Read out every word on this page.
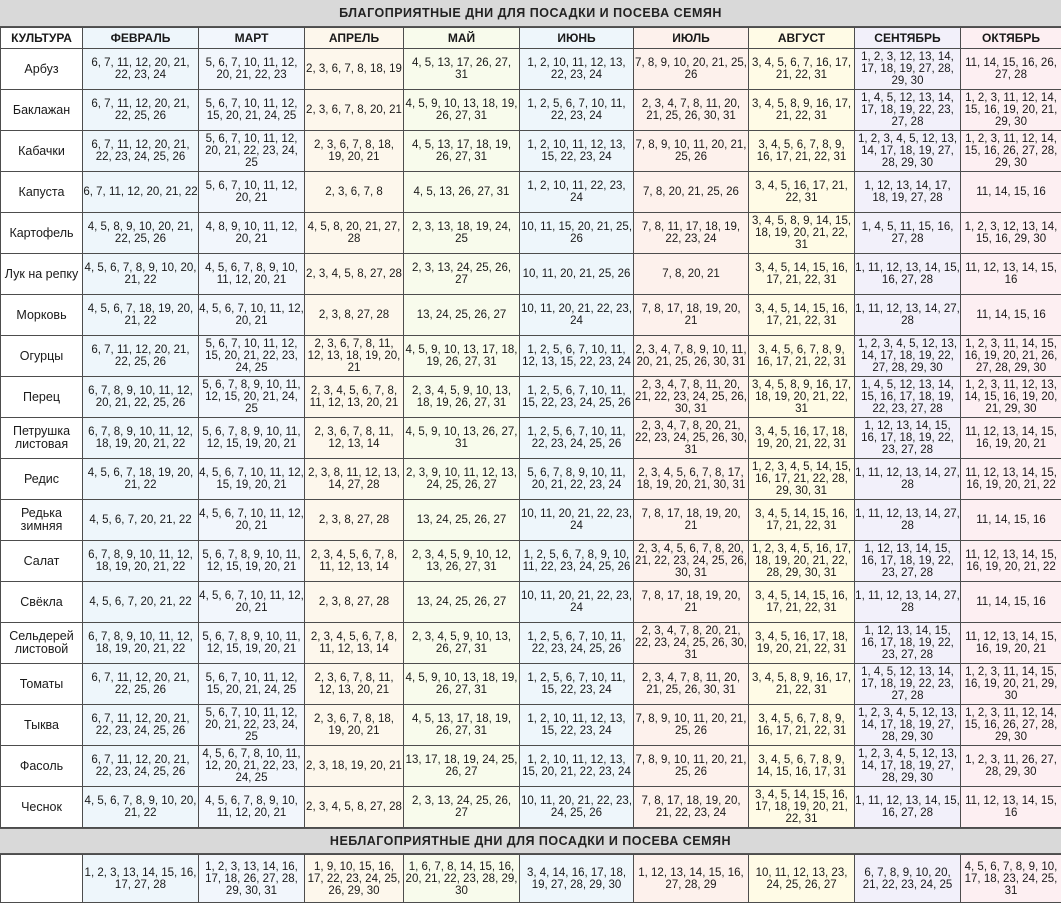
БЛАГОПРИЯТНЫЕ ДНИ ДЛЯ ПОСАДКИ И ПОСЕВА СЕМЯН
КУЛЬТУРА	ФЕВРАЛЬ	МАРТ	АПРЕЛЬ	МАЙ	ИЮНЬ	ИЮЛЬ	АВГУСТ	СЕНТЯБРЬ	ОКТЯБРЬ
Арбуз	6, 7, 11, 12, 20, 21, 22, 23, 24	5, 6, 7, 10, 11, 12, 20, 21, 22, 23	2, 3, 6, 7, 8, 18, 19	4, 5, 13, 17, 26, 27, 31	1, 2, 10, 11, 12, 13, 22, 23, 24	7, 8, 9, 10, 20, 21, 25, 26	3, 4, 5, 6, 7, 16, 17, 21, 22, 31	1, 2, 3, 12, 13, 14, 17, 18, 19, 27, 28, 29, 30	11, 14, 15, 16, 26, 27, 28
Баклажан	6, 7, 11, 12, 20, 21, 22, 25, 26	5, 6, 7, 10, 11, 12, 15, 20, 21, 24, 25	2, 3, 6, 7, 8, 20, 21	4, 5, 9, 10, 13, 18, 19, 26, 27, 31	1, 2, 5, 6, 7, 10, 11, 22, 23, 24	2, 3, 4, 7, 8, 11, 20, 21, 25, 26, 30, 31	3, 4, 5, 8, 9, 16, 17, 21, 22, 31	1, 4, 5, 12, 13, 14, 17, 18, 19, 22, 23, 27, 28	1, 2, 3, 11, 12, 14, 15, 16, 19, 20, 21, 29, 30
Кабачки	6, 7, 11, 12, 20, 21, 22, 23, 24, 25, 26	5, 6, 7, 10, 11, 12, 20, 21, 22, 23, 24, 25	2, 3, 6, 7, 8, 18, 19, 20, 21	4, 5, 13, 17, 18, 19, 26, 27, 31	1, 2, 10, 11, 12, 13, 15, 22, 23, 24	7, 8, 9, 10, 11, 20, 21, 25, 26	3, 4, 5, 6, 7, 8, 9, 16, 17, 21, 22, 31	1, 2, 3, 4, 5, 12, 13, 14, 17, 18, 19, 27, 28, 29, 30	1, 2, 3, 11, 12, 14, 15, 16, 26, 27, 28, 29, 30
Капуста	6, 7, 11, 12, 20, 21, 22	5, 6, 7, 10, 11, 12, 20, 21	2, 3, 6, 7, 8	4, 5, 13, 26, 27, 31	1, 2, 10, 11, 22, 23, 24	7, 8, 20, 21, 25, 26	3, 4, 5, 16, 17, 21, 22, 31	1, 12, 13, 14, 17, 18, 19, 27, 28	11, 14, 15, 16
Картофель	4, 5, 8, 9, 10, 20, 21, 22, 25, 26	4, 8, 9, 10, 11, 12, 20, 21	4, 5, 8, 20, 21, 27, 28	2, 3, 13, 18, 19, 24, 25	10, 11, 15, 20, 21, 25, 26	7, 8, 11, 17, 18, 19, 22, 23, 24	3, 4, 5, 8, 9, 14, 15, 18, 19, 20, 21, 22, 31	1, 4, 5, 11, 15, 16, 27, 28	1, 2, 3, 12, 13, 14, 15, 16, 29, 30
Лук на репку	4, 5, 6, 7, 8, 9, 10, 20, 21, 22	4, 5, 6, 7, 8, 9, 10, 11, 12, 20, 21	2, 3, 4, 5, 8, 27, 28	2, 3, 13, 24, 25, 26, 27	10, 11, 20, 21, 25, 26	7, 8, 20, 21	3, 4, 5, 14, 15, 16, 17, 21, 22, 31	1, 11, 12, 13, 14, 15, 16, 27, 28	11, 12, 13, 14, 15, 16
Морковь	4, 5, 6, 7, 18, 19, 20, 21, 22	4, 5, 6, 7, 10, 11, 12, 20, 21	2, 3, 8, 27, 28	13, 24, 25, 26, 27	10, 11, 20, 21, 22, 23, 24	7, 8, 17, 18, 19, 20, 21	3, 4, 5, 14, 15, 16, 17, 21, 22, 31	1, 11, 12, 13, 14, 27, 28	11, 14, 15, 16
Огурцы	6, 7, 11, 12, 20, 21, 22, 25, 26	5, 6, 7, 10, 11, 12, 15, 20, 21, 22, 23, 24, 25	2, 3, 6, 7, 8, 11, 12, 13, 18, 19, 20, 21	4, 5, 9, 10, 13, 17, 18, 19, 26, 27, 31	1, 2, 5, 6, 7, 10, 11, 12, 13, 15, 22, 23, 24	2, 3, 4, 7, 8, 9, 10, 11, 20, 21, 25, 26, 30, 31	3, 4, 5, 6, 7, 8, 9, 16, 17, 21, 22, 31	1, 2, 3, 4, 5, 12, 13, 14, 17, 18, 19, 22, 27, 28, 29, 30	1, 2, 3, 11, 14, 15, 16, 19, 20, 21, 26, 27, 28, 29, 30
Перец	6, 7, 8, 9, 10, 11, 12, 20, 21, 22, 25, 26	5, 6, 7, 8, 9, 10, 11, 12, 15, 20, 21, 24, 25	2, 3, 4, 5, 6, 7, 8, 11, 12, 13, 20, 21	2, 3, 4, 5, 9, 10, 13, 18, 19, 26, 27, 31	1, 2, 5, 6, 7, 10, 11, 15, 22, 23, 24, 25, 26	2, 3, 4, 7, 8, 11, 20, 21, 22, 23, 24, 25, 26, 30, 31	3, 4, 5, 8, 9, 16, 17, 18, 19, 20, 21, 22, 31	1, 4, 5, 12, 13, 14, 15, 16, 17, 18, 19, 22, 23, 27, 28	1, 2, 3, 11, 12, 13, 14, 15, 16, 19, 20, 21, 29, 30
Петрушка листовая	6, 7, 8, 9, 10, 11, 12, 18, 19, 20, 21, 22	5, 6, 7, 8, 9, 10, 11, 12, 15, 19, 20, 21	2, 3, 6, 7, 8, 11, 12, 13, 14	4, 5, 9, 10, 13, 26, 27, 31	1, 2, 5, 6, 7, 10, 11, 22, 23, 24, 25, 26	2, 3, 4, 7, 8, 20, 21, 22, 23, 24, 25, 26, 30, 31	3, 4, 5, 16, 17, 18, 19, 20, 21, 22, 31	1, 12, 13, 14, 15, 16, 17, 18, 19, 22, 23, 27, 28	11, 12, 13, 14, 15, 16, 19, 20, 21
Редис	4, 5, 6, 7, 18, 19, 20, 21, 22	4, 5, 6, 7, 10, 11, 12, 15, 19, 20, 21	2, 3, 8, 11, 12, 13, 14, 27, 28	2, 3, 9, 10, 11, 12, 13, 24, 25, 26, 27	5, 6, 7, 8, 9, 10, 11, 20, 21, 22, 23, 24	2, 3, 4, 5, 6, 7, 8, 17, 18, 19, 20, 21, 30, 31	1, 2, 3, 4, 5, 14, 15, 16, 17, 21, 22, 28, 29, 30, 31	1, 11, 12, 13, 14, 27, 28	11, 12, 13, 14, 15, 16, 19, 20, 21, 22
Редька зимняя	4, 5, 6, 7, 20, 21, 22	4, 5, 6, 7, 10, 11, 12, 20, 21	2, 3, 8, 27, 28	13, 24, 25, 26, 27	10, 11, 20, 21, 22, 23, 24	7, 8, 17, 18, 19, 20, 21	3, 4, 5, 14, 15, 16, 17, 21, 22, 31	1, 11, 12, 13, 14, 27, 28	11, 14, 15, 16
Салат	6, 7, 8, 9, 10, 11, 12, 18, 19, 20, 21, 22	5, 6, 7, 8, 9, 10, 11, 12, 15, 19, 20, 21	2, 3, 4, 5, 6, 7, 8, 11, 12, 13, 14	2, 3, 4, 5, 9, 10, 12, 13, 26, 27, 31	1, 2, 5, 6, 7, 8, 9, 10, 11, 22, 23, 24, 25, 26	2, 3, 4, 5, 6, 7, 8, 20, 21, 22, 23, 24, 25, 26, 30, 31	1, 2, 3, 4, 5, 16, 17, 18, 19, 20, 21, 22, 28, 29, 30, 31	1, 12, 13, 14, 15, 16, 17, 18, 19, 22, 23, 27, 28	11, 12, 13, 14, 15, 16, 19, 20, 21, 22
Свёкла	4, 5, 6, 7, 20, 21, 22	4, 5, 6, 7, 10, 11, 12, 20, 21	2, 3, 8, 27, 28	13, 24, 25, 26, 27	10, 11, 20, 21, 22, 23, 24	7, 8, 17, 18, 19, 20, 21	3, 4, 5, 14, 15, 16, 17, 21, 22, 31	1, 11, 12, 13, 14, 27, 28	11, 14, 15, 16
Сельдерей листовой	6, 7, 8, 9, 10, 11, 12, 18, 19, 20, 21, 22	5, 6, 7, 8, 9, 10, 11, 12, 15, 19, 20, 21	2, 3, 4, 5, 6, 7, 8, 11, 12, 13, 14	2, 3, 4, 5, 9, 10, 13, 26, 27, 31	1, 2, 5, 6, 7, 10, 11, 22, 23, 24, 25, 26	2, 3, 4, 7, 8, 20, 21, 22, 23, 24, 25, 26, 30, 31	3, 4, 5, 16, 17, 18, 19, 20, 21, 22, 31	1, 12, 13, 14, 15, 16, 17, 18, 19, 22, 23, 27, 28	11, 12, 13, 14, 15, 16, 19, 20, 21
Томаты	6, 7, 11, 12, 20, 21, 22, 25, 26	5, 6, 7, 10, 11, 12, 15, 20, 21, 24, 25	2, 3, 6, 7, 8, 11, 12, 13, 20, 21	4, 5, 9, 10, 13, 18, 19, 26, 27, 31	1, 2, 5, 6, 7, 10, 11, 15, 22, 23, 24	2, 3, 4, 7, 8, 11, 20, 21, 25, 26, 30, 31	3, 4, 5, 8, 9, 16, 17, 21, 22, 31	1, 4, 5, 12, 13, 14, 17, 18, 19, 22, 23, 27, 28	1, 2, 3, 11, 14, 15, 16, 19, 20, 21, 29, 30
Тыква	6, 7, 11, 12, 20, 21, 22, 23, 24, 25, 26	5, 6, 7, 10, 11, 12, 20, 21, 22, 23, 24, 25	2, 3, 6, 7, 8, 18, 19, 20, 21	4, 5, 13, 17, 18, 19, 26, 27, 31	1, 2, 10, 11, 12, 13, 15, 22, 23, 24	7, 8, 9, 10, 11, 20, 21, 25, 26	3, 4, 5, 6, 7, 8, 9, 16, 17, 21, 22, 31	1, 2, 3, 4, 5, 12, 13, 14, 17, 18, 19, 27, 28, 29, 30	1, 2, 3, 11, 12, 14, 15, 16, 26, 27, 28, 29, 30
Фасоль	6, 7, 11, 12, 20, 21, 22, 23, 24, 25, 26	4, 5, 6, 7, 8, 10, 11, 12, 20, 21, 22, 23, 24, 25	2, 3, 18, 19, 20, 21	13, 17, 18, 19, 24, 25, 26, 27	1, 2, 10, 11, 12, 13, 15, 20, 21, 22, 23, 24	7, 8, 9, 10, 11, 20, 21, 25, 26	3, 4, 5, 6, 7, 8, 9, 14, 15, 16, 17, 31	1, 2, 3, 4, 5, 12, 13, 14, 17, 18, 19, 27, 28, 29, 30	1, 2, 3, 11, 26, 27, 28, 29, 30
Чеснок	4, 5, 6, 7, 8, 9, 10, 20, 21, 22	4, 5, 6, 7, 8, 9, 10, 11, 12, 20, 21	2, 3, 4, 5, 8, 27, 28	2, 3, 13, 24, 25, 26, 27	10, 11, 20, 21, 22, 23, 24, 25, 26	7, 8, 17, 18, 19, 20, 21, 22, 23, 24	3, 4, 5, 14, 15, 16, 17, 18, 19, 20, 21, 22, 31	1, 11, 12, 13, 14, 15, 16, 27, 28	11, 12, 13, 14, 15, 16
НЕБЛАГОПРИЯТНЫЕ ДНИ ДЛЯ ПОСАДКИ И ПОСЕВА СЕМЯН
	1, 2, 3, 13, 14, 15, 16, 17, 27, 28	1, 2, 3, 13, 14, 16, 17, 18, 26, 27, 28, 29, 30, 31	1, 9, 10, 15, 16, 17, 22, 23, 24, 25, 26, 29, 30	1, 6, 7, 8, 14, 15, 16, 20, 21, 22, 23, 28, 29, 30	3, 4, 14, 16, 17, 18, 19, 27, 28, 29, 30	1, 12, 13, 14, 15, 16, 27, 28, 29	10, 11, 12, 13, 23, 24, 25, 26, 27	6, 7, 8, 9, 10, 20, 21, 22, 23, 24, 25	4, 5, 6, 7, 8, 9, 10, 17, 18, 23, 24, 25, 31
